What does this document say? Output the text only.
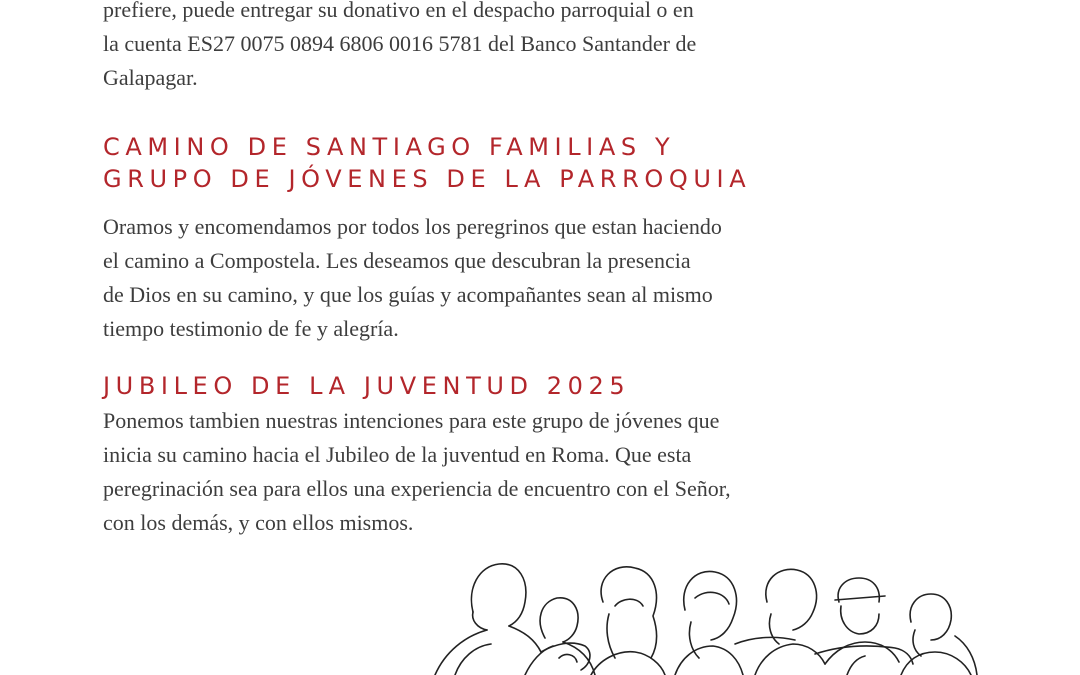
prefiere, puede entregar su donativo en el despacho parroquial o en
la cuenta ES27 0075 0894 6806 0016 5781 del Banco Santander de
Galapagar.

CAMINO DE SANTIAGO FAMILIAS Y
GRUPO DE JÓVENES DE LA PARROQUIA

Oramos y encomendamos por todos los peregrinos que estan haciendo
el camino a Compostela. Les deseamos que descubran la presencia
de Dios en su camino, y que los guías y acompañantes sean al mismo
tiempo testimonio de fe y alegría.

JUBILEO DE LA JUVENTUD 2025

Ponemos tambien nuestras intenciones para este grupo de jóvenes que
inicia su camino hacia el Jubileo de la juventud en Roma. Que esta
peregrinación sea para ellos una experiencia de encuentro con el Señor,
con los demás, y con ellos mismos.
